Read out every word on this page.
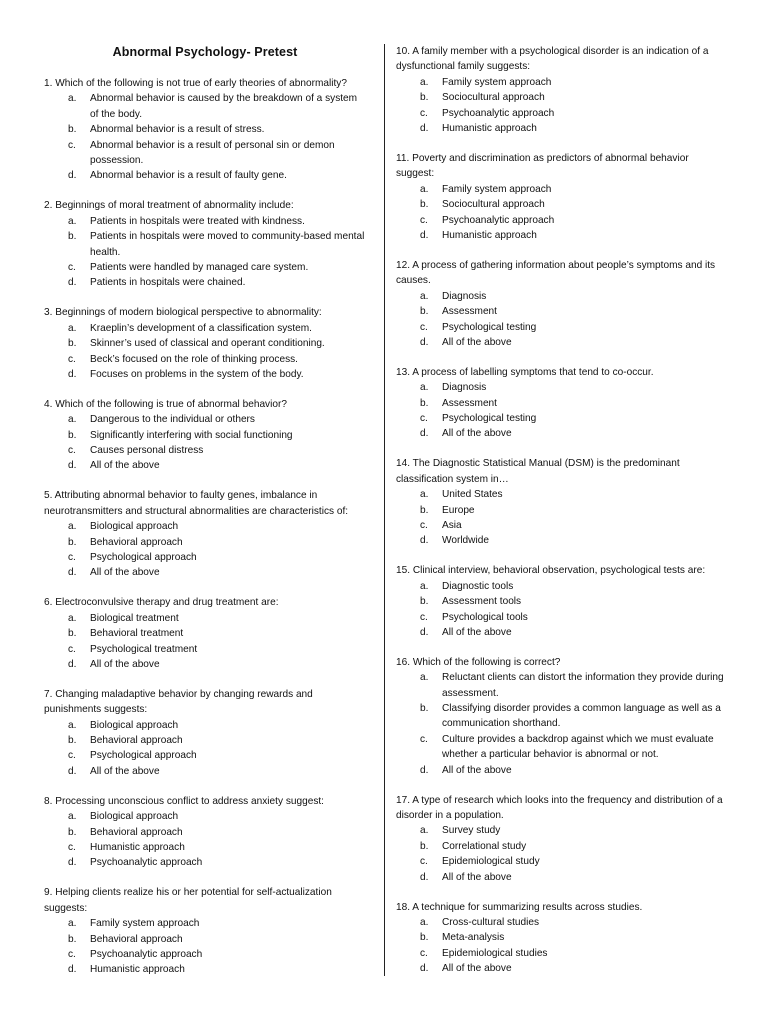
Abnormal Psychology- Pretest
1. Which of the following is not true of early theories of abnormality?
a.	Abnormal behavior is caused by the breakdown of a system of the body.
b.	Abnormal behavior is a result of stress.
c.	Abnormal behavior is a result of personal sin or demon possession.
d.	Abnormal behavior is a result of faulty gene.
2. Beginnings of moral treatment of abnormality include:
a.	Patients in hospitals were treated with kindness.
b.	Patients in hospitals were moved to community-based mental health.
c.	Patients were handled by managed care system.
d.	Patients in hospitals were chained.
3. Beginnings of modern biological perspective to abnormality:
a.	Kraeplin’s development of a classification system.
b.	Skinner’s used of classical and operant conditioning.
c.	Beck’s focused on the role of thinking process.
d.	Focuses on problems in the system of the body.
4. Which of the following is true of abnormal behavior?
a.	Dangerous to the individual or others
b.	Significantly interfering with social functioning
c.	Causes personal distress
d.	All of the above
5. Attributing abnormal behavior to faulty genes, imbalance in neurotransmitters and structural abnormalities are characteristics of:
a.	Biological approach
b.	Behavioral approach
c.	Psychological approach
d.	All of the above
6. Electroconvulsive therapy and drug treatment are:
a.	Biological treatment
b.	Behavioral treatment
c.	Psychological treatment
d.	All of the above
7. Changing maladaptive behavior by changing rewards and punishments suggests:
a.	Biological approach
b.	Behavioral approach
c.	Psychological approach
d.	All of the above
8. Processing unconscious conflict to address anxiety suggest:
a.	Biological approach
b.	Behavioral approach
c.	Humanistic approach
d.	Psychoanalytic approach
9. Helping clients realize his or her potential for self-actualization suggests:
a.	Family system approach
b.	Behavioral approach
c.	Psychoanalytic approach
d.	Humanistic approach
10. A family member with a psychological disorder is an indication of a dysfunctional family suggests:
a.	Family system approach
b.	Sociocultural approach
c.	Psychoanalytic approach
d.	Humanistic approach
11. Poverty and discrimination as predictors of abnormal behavior suggest:
a.	Family system approach
b.	Sociocultural approach
c.	Psychoanalytic approach
d.	Humanistic approach
12. A process of gathering information about people’s symptoms and its causes.
a.	Diagnosis
b.	Assessment
c.	Psychological testing
d.	All of the above
13. A process of labelling symptoms that tend to co-occur.
a.	Diagnosis
b.	Assessment
c.	Psychological testing
d.	All of the above
14. The Diagnostic Statistical Manual (DSM) is the predominant classification system in…
a.	United States
b.	Europe
c.	Asia
d.	Worldwide
15. Clinical interview, behavioral observation, psychological tests are:
a.	Diagnostic tools
b.	Assessment tools
c.	Psychological tools
d.	All of the above
16. Which of the following is correct?
a.	Reluctant clients can distort the information they provide during assessment.
b.	Classifying disorder provides a common language as well as a communication shorthand.
c.	Culture provides a backdrop against which we must evaluate whether a particular behavior is abnormal or not.
d.	All of the above
17. A type of research which looks into the frequency and distribution of a disorder in a population.
a.	Survey study
b.	Correlational study
c.	Epidemiological study
d.	All of the above
18. A technique for summarizing results across studies.
a.	Cross-cultural studies
b.	Meta-analysis
c.	Epidemiological studies
d.	All of the above
